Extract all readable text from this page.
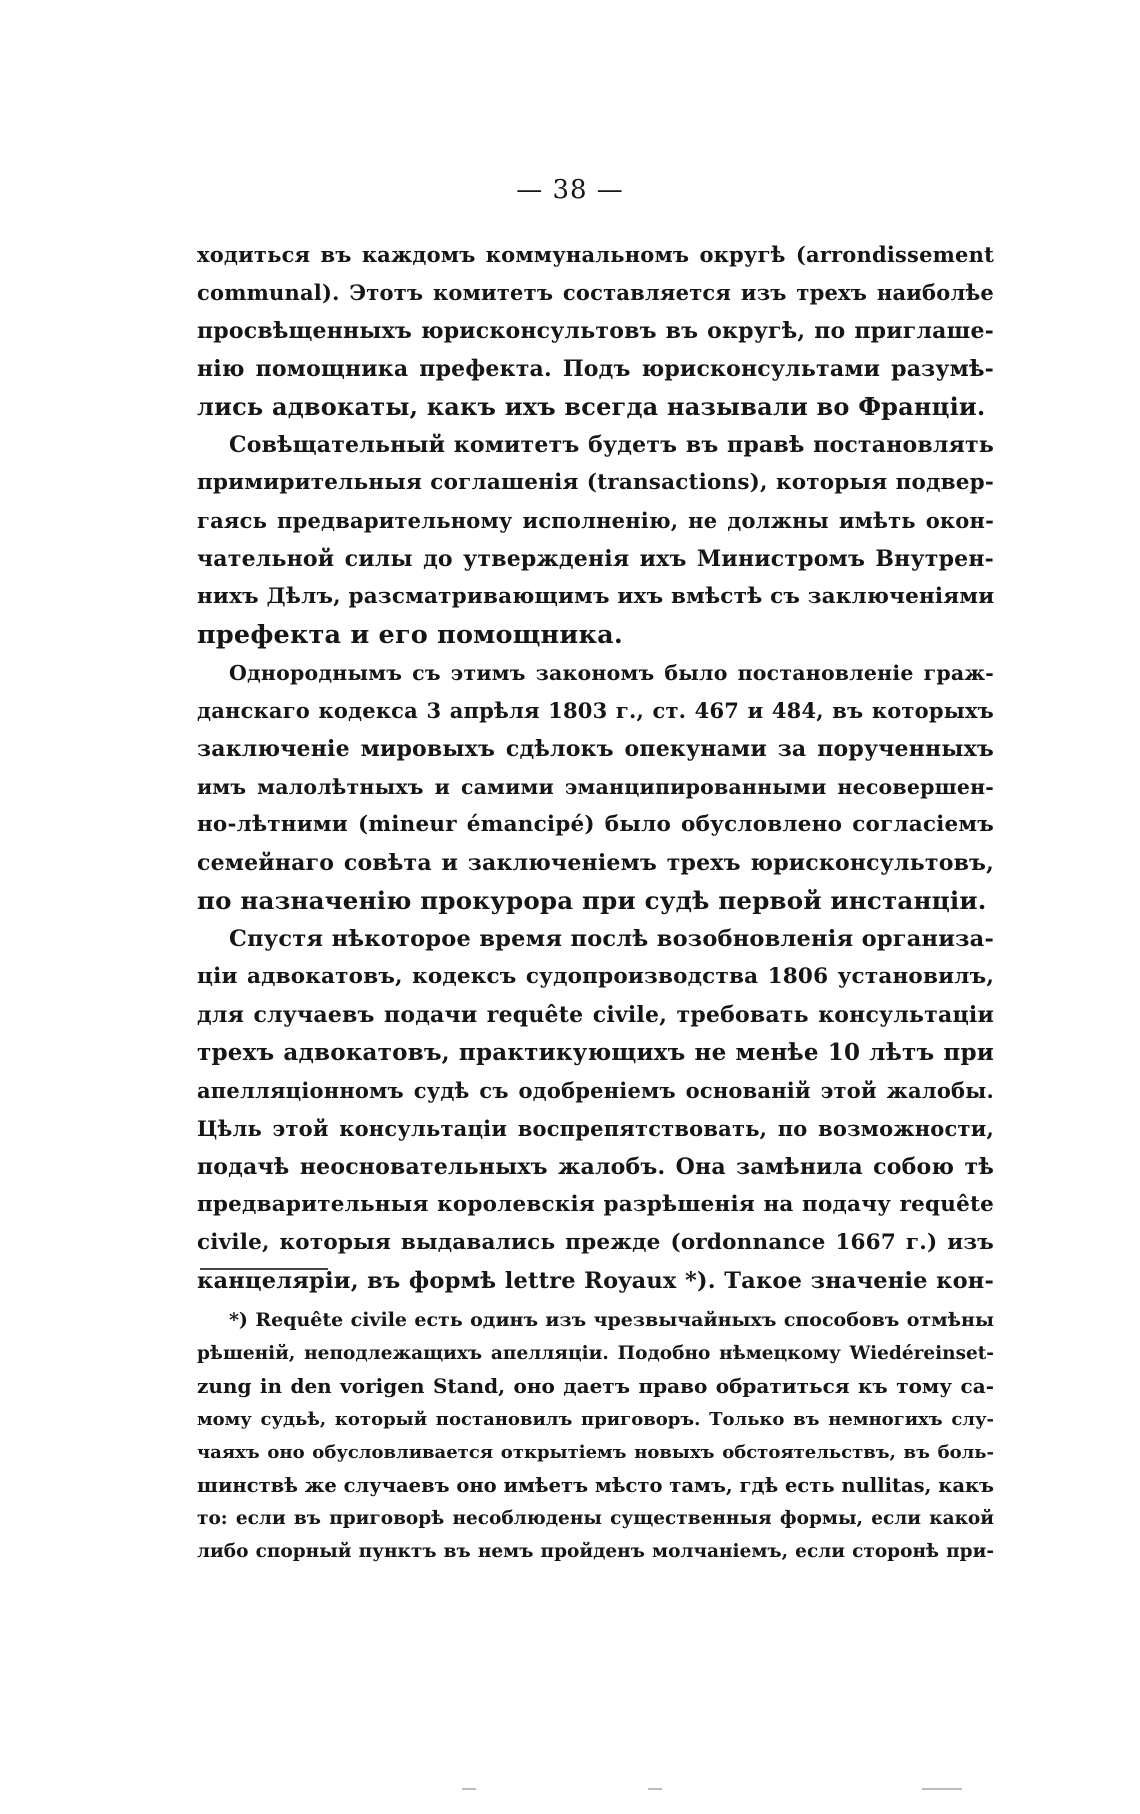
— 38 —
ходиться въ каждомъ коммунальномъ округѣ (arrondissement
communal). Этотъ комитетъ составляется изъ трехъ наиболѣе
просвѣщенныхъ юрисконсультовъ въ округѣ, по приглаше-
нію помощника префекта. Подъ юрисконсультами разумѣ-
лись адвокаты, какъ ихъ всегда называли во Франціи.
Совѣщательный комитетъ будетъ въ правѣ постановлять
примирительныя соглашенія (transactions), которыя подвер-
гаясь предварительному исполненію, не должны имѣть окон-
чательной силы до утвержденія ихъ Министромъ Внутрен-
нихъ Дѣлъ, разсматривающимъ ихъ вмѣстѣ съ заключеніями
префекта и его помощника.
Однороднымъ съ этимъ закономъ было постановленіе граж-
данскаго кодекса 3 апрѣля 1803 г., ст. 467 и 484, въ которыхъ
заключеніе мировыхъ сдѣлокъ опекунами за порученныхъ
имъ малолѣтныхъ и самими эманципированными несовершен-
но-лѣтними (mineur émancipé) было обусловлено согласіемъ
семейнаго совѣта и заключеніемъ трехъ юрисконсультовъ,
по назначенію прокурора при судѣ первой инстанціи.
Спустя нѣкоторое время послѣ возобновленія организа-
ціи адвокатовъ, кодексъ судопроизводства 1806 установилъ,
для случаевъ подачи requête civile, требовать консультаціи
трехъ адвокатовъ, практикующихъ не менѣе 10 лѣтъ при
апелляціонномъ судѣ съ одобреніемъ основаній этой жалобы.
Цѣль этой консультаціи воспрепятствовать, по возможности,
подачѣ неосновательныхъ жалобъ. Она замѣнила собою тѣ
предварительныя королевскія разрѣшенія на подачу requête
civile, которыя выдавались прежде (ordonnance 1667 г.) изъ
канцеляріи, въ формѣ lettre Royaux *). Такое значеніе кон-
*) Requête civile есть одинъ изъ чрезвычайныхъ способовъ отмѣны
рѣшеній, неподлежащихъ апелляціи. Подобно нѣмецкому Wiedéreinset-
zung in den vorigen Stand, оно даетъ право обратиться къ тому са-
мому судьѣ, который постановилъ приговоръ. Только въ немногихъ слу-
чаяхъ оно обусловливается открытіемъ новыхъ обстоятельствъ, въ боль-
шинствѣ же случаевъ оно имѣетъ мѣсто тамъ, гдѣ есть nullitas, какъ
то: если въ приговорѣ несоблюдены существенныя формы, если какой
либо спорный пунктъ въ немъ пройденъ молчаніемъ, если сторонѣ при-
